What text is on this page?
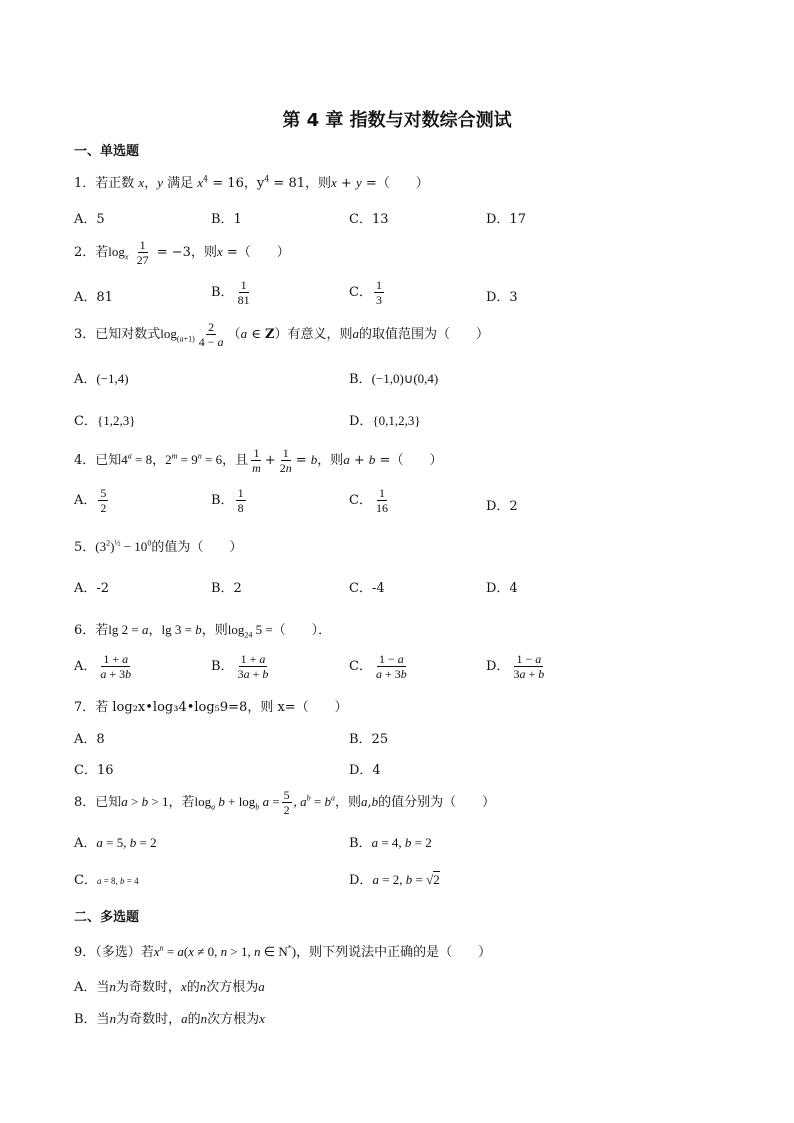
第 4 章 指数与对数综合测试
一、单选题
1．若正数 x，y 满足 $x^4 = 16$，$y^4 = 81$，则x + y =（　　）
A．5	B．1	C．13	D．17
2．若$\log_x \frac{1}{27} = -3$，则x =（　　）
A．81	B． $\frac{1}{81}$	C． $\frac{1}{3}$	D．3
3．已知对数式$\log_{(a+1)} \frac{2}{4 - a} (a$ ∈ Z）有意义，则a的取值范围为（　　）
A．(−1,4)	B．(−1,0)∪(0,4)
C．{1,2,3}	D．{0,1,2,3}
4．已知$4^a = 8$，$2^m = 9^n = 6$，且 $\frac{1}{m} + \frac{1}{2n} = b$，则a + b =（　　）
A． $\frac{5}{2}$	B． $\frac{1}{8}$	C． $\frac{1}{16}$	D．2
5．$(3^2)^{\frac{1}{2}} - 10^0$的值为（　　）
A．-2	B．2	C．-4	D．4
6．若lg 2 = a，lg 3 = b，则$\log_{24} 5$ =（　　）．
A． $\frac{1 + a}{a + 3b}$	B． $\frac{1 + a}{3a + b}$	C． $\frac{1 - a}{a + 3b}$	D． $\frac{1 - a}{3a + b}$
7．若 log₂x•log₃4•log₅9=8，则 x=（　　）
A．8	B．25
C．16	D．4
8．已知a > b > 1，若$\log_a b + \log_b a = \frac{5}{2}$ , $a^b = b^a$，则a,b的值分别为（　　）
A．a = 5, b = 2	B．a = 4, b = 2
C．a = 8, b = 4	D．a = 2, b = √2
二、多选题
9．（多选）若$x^n = a(x \ne 0$, n > 1, n ∈ N*)，则下列说法中正确的是（　　）
A．当n为奇数时，x的n次方根为a
B．当n为奇数时，a的n次方根为x
